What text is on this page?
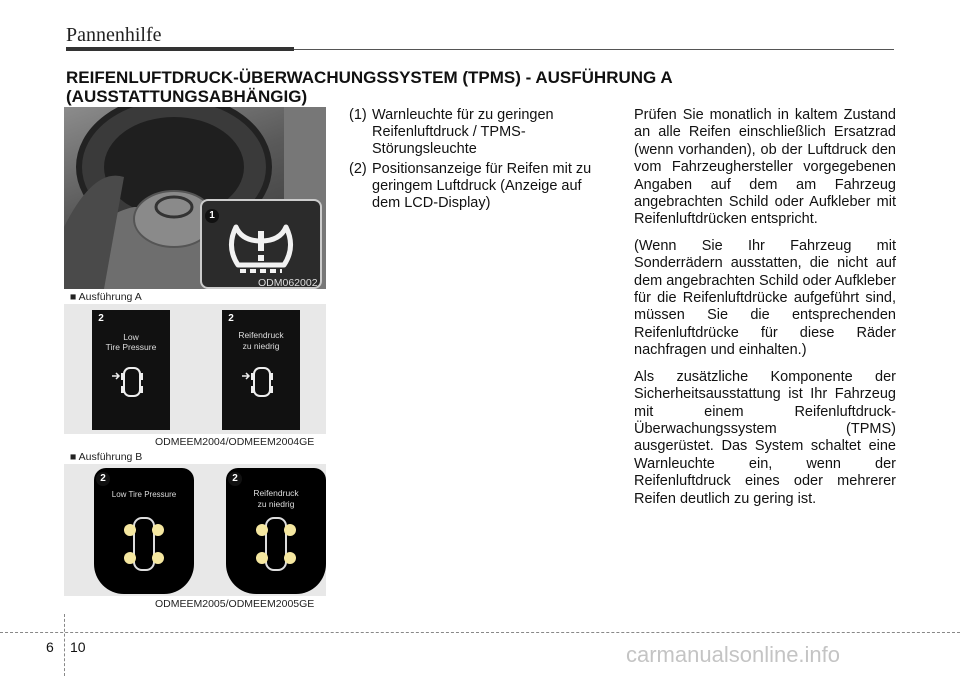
Pannenhilfe
REIFENLUFTDRUCK-ÜBERWACHUNGSSYSTEM (TPMS) - AUSFÜHRUNG A (AUSSTATTUNGSABHÄNGIG)
1
ODM062002
■ Ausführung A
Low
Tire Pressure
2
Reifendruck
zu niedrig
2
ODMEEM2004/ODMEEM2004GE
■ Ausführung B
Low Tire Pressure
2
Reifendruck
zu niedrig
2
ODMEEM2005/ODMEEM2005GE
(1) Warnleuchte für zu geringen Reifenluftdruck / TPMS-Störungsleuchte
(2) Positionsanzeige für Reifen mit zu geringem Luftdruck (Anzeige auf dem LCD-Display)

Prüfen Sie monatlich in kaltem Zustand an alle Reifen einschließlich Ersatzrad (wenn vorhanden), ob der Luftdruck den vom Fahrzeughersteller vorgegebenen Angaben auf dem am Fahrzeug angebrachten Schild oder Aufkleber mit Reifenluftdrücken entspricht.

(Wenn Sie Ihr Fahrzeug mit Sonderrädern ausstatten, die nicht auf dem angebrachten Schild oder Aufkleber für die Reifenluftdrücke aufgeführt sind, müssen Sie die entsprechenden Reifenluftdrücke für diese Räder nachfragen und einhalten.)

Als zusätzliche Komponente der Sicherheitsausstattung ist Ihr Fahrzeug mit einem Reifenluftdruck-Überwachungssystem (TPMS) ausgerüstet. Das System schaltet eine Warnleuchte ein, wenn der Reifenluftdruck eines oder mehrerer Reifen deutlich zu gering ist.

6 10	carmanualsonline.info
